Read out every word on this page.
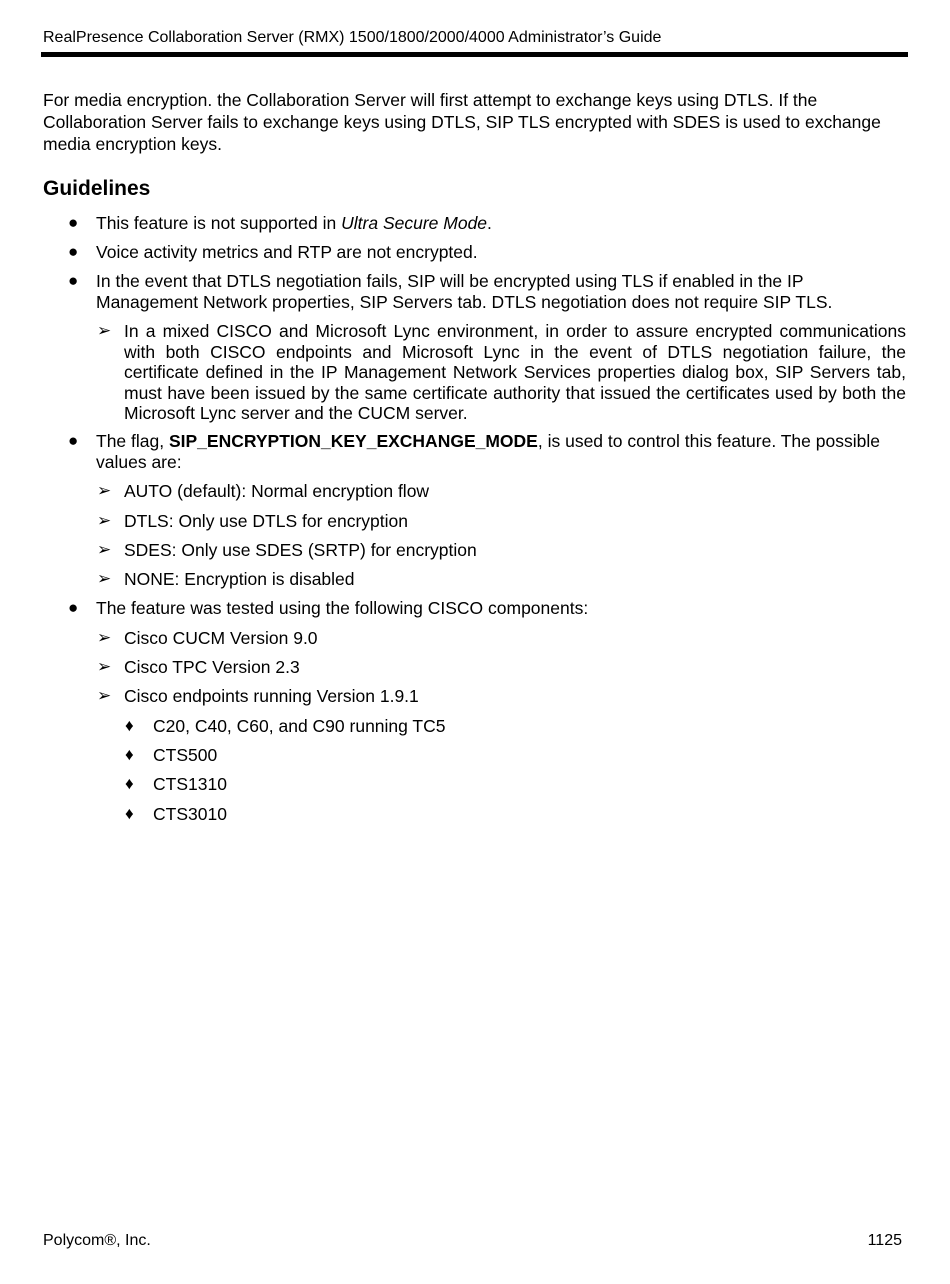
RealPresence Collaboration Server (RMX) 1500/1800/2000/4000 Administrator’s Guide
For media encryption. the Collaboration Server will first attempt to exchange keys using DTLS. If the Collaboration Server fails to exchange keys using DTLS, SIP TLS encrypted with SDES is used to exchange media encryption keys.
Guidelines
● This feature is not supported in Ultra Secure Mode.
● Voice activity metrics and RTP are not encrypted.
● In the event that DTLS negotiation fails, SIP will be encrypted using TLS if enabled in the IP Management Network properties, SIP Servers tab. DTLS negotiation does not require SIP TLS.
➢ In a mixed CISCO and Microsoft Lync environment, in order to assure encrypted communications with both CISCO endpoints and Microsoft Lync in the event of DTLS negotiation failure, the certificate defined in the IP Management Network Services properties dialog box, SIP Servers tab, must have been issued by the same certificate authority that issued the certificates used by both the Microsoft Lync server and the CUCM server.
● The flag, SIP_ENCRYPTION_KEY_EXCHANGE_MODE, is used to control this feature. The possible values are:
➢ AUTO (default): Normal encryption flow
➢ DTLS: Only use DTLS for encryption
➢ SDES: Only use SDES (SRTP) for encryption
➢ NONE: Encryption is disabled
● The feature was tested using the following CISCO components:
➢ Cisco CUCM Version 9.0
➢ Cisco TPC Version 2.3
➢ Cisco endpoints running Version 1.9.1
♦ C20, C40, C60, and C90 running TC5
♦ CTS500
♦ CTS1310
♦ CTS3010
Polycom®, Inc.	1125
